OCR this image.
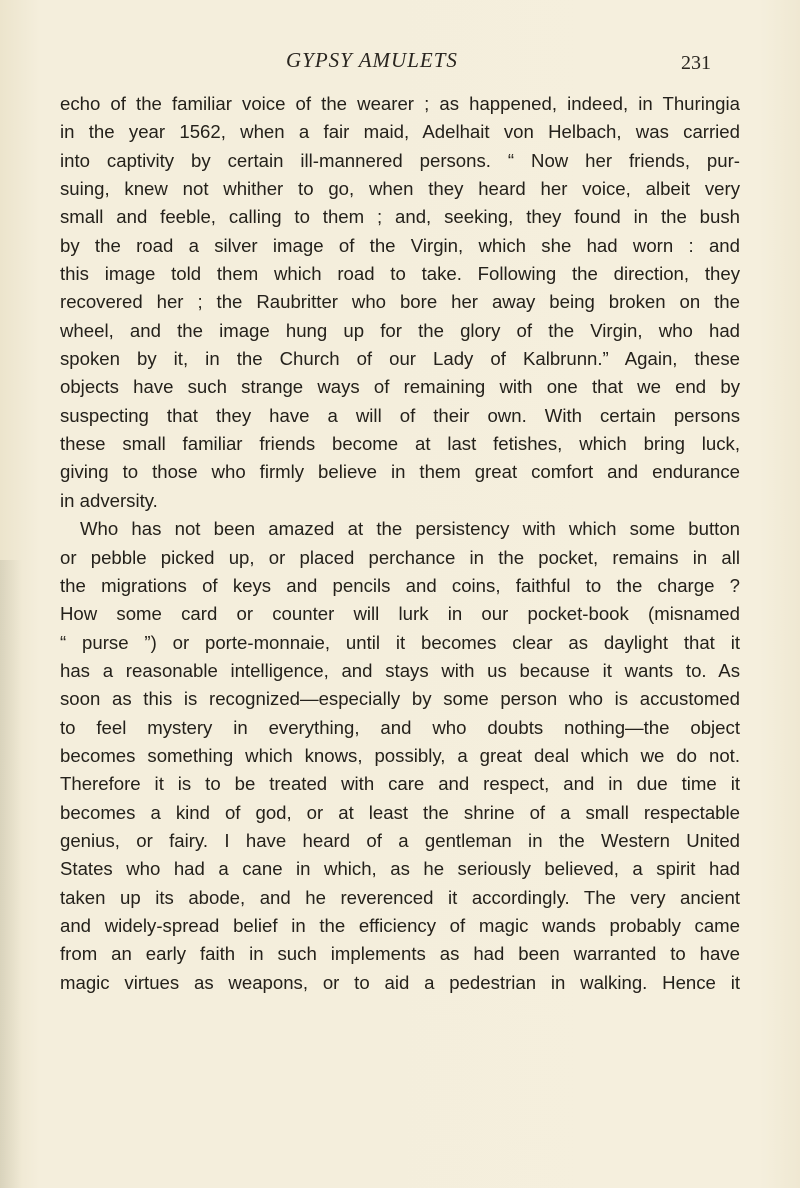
GYPSY AMULETS	231
echo of the familiar voice of the wearer ; as happened, indeed, in Thuringia
in the year 1562, when a fair maid, Adelhait von Helbach, was carried
into captivity by certain ill-mannered persons. “ Now her friends, pur-
suing, knew not whither to go, when they heard her voice, albeit very
small and feeble, calling to them ; and, seeking, they found in the bush
by the road a silver image of the Virgin, which she had worn : and
this image told them which road to take. Following the direction, they
recovered her ; the Raubritter who bore her away being broken on the
wheel, and the image hung up for the glory of the Virgin, who had
spoken by it, in the Church of our Lady of Kalbrunn.” Again, these
objects have such strange ways of remaining with one that we end by
suspecting that they have a will of their own. With certain persons
these small familiar friends become at last fetishes, which bring luck,
giving to those who firmly believe in them great comfort and endurance
in adversity.
Who has not been amazed at the persistency with which some button
or pebble picked up, or placed perchance in the pocket, remains in all
the migrations of keys and pencils and coins, faithful to the charge ?
How some card or counter will lurk in our pocket-book (misnamed
“ purse ”) or porte-monnaie, until it becomes clear as daylight that it
has a reasonable intelligence, and stays with us because it wants to. As
soon as this is recognized—especially by some person who is accustomed
to feel mystery in everything, and who doubts nothing—the object
becomes something which knows, possibly, a great deal which we do not.
Therefore it is to be treated with care and respect, and in due time it
becomes a kind of god, or at least the shrine of a small respectable
genius, or fairy. I have heard of a gentleman in the Western United
States who had a cane in which, as he seriously believed, a spirit had
taken up its abode, and he reverenced it accordingly. The very ancient
and widely-spread belief in the efficiency of magic wands probably came
from an early faith in such implements as had been warranted to have
magic virtues as weapons, or to aid a pedestrian in walking. Hence it
